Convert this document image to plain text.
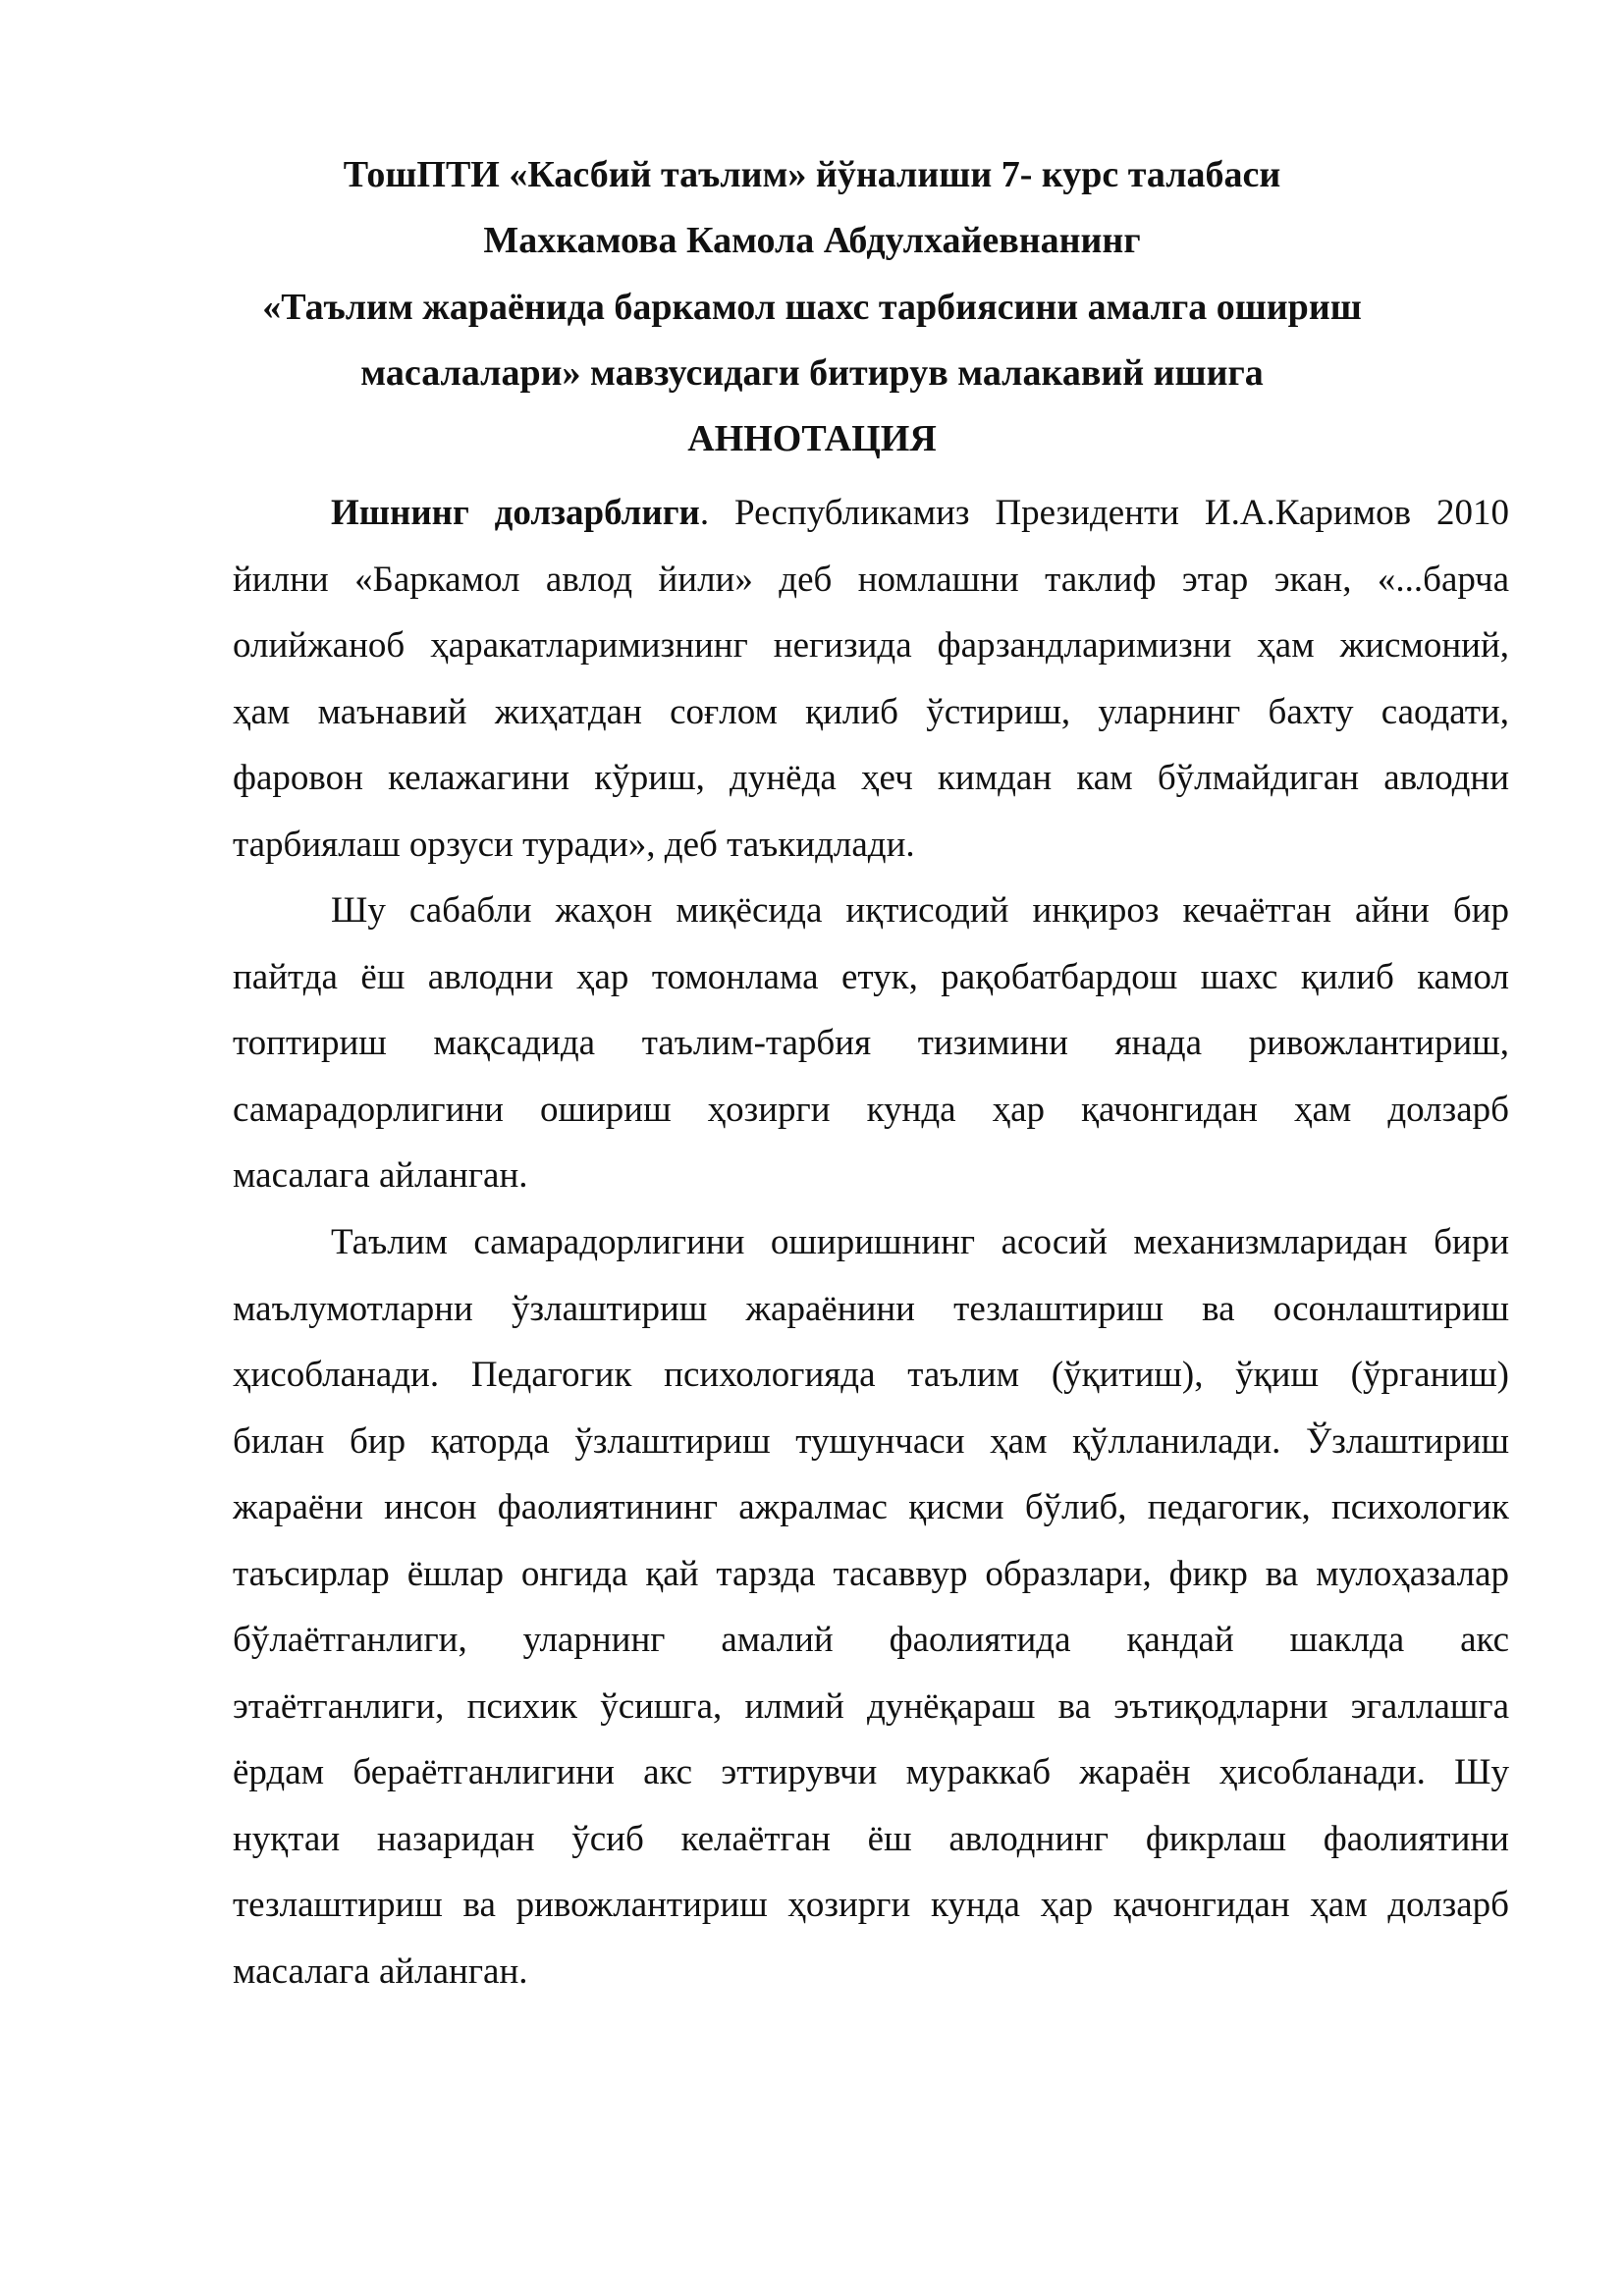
ТошПТИ «Касбий таълим» йўналиши 7- курс талабаси

Махкамова Камола Абдулхайевнанинг

«Таълим жараёнида баркамол шахс тарбиясини амалга ошириш

масалалари» мавзусидаги битирув малакавий ишига

АННОТАЦИЯ

Ишнинг долзарблиги. Республикамиз Президенти И.А.Каримов 2010
йилни «Баркамол авлод йили» деб номлашни таклиф этар экан, «...барча
олийжаноб ҳаракатларимизнинг негизида фарзандларимизни ҳам жисмоний,
ҳам маънавий жиҳатдан соғлом қилиб ўстириш, уларнинг бахту саодати,
фаровон келажагини кўриш, дунёда ҳеч кимдан кам бўлмайдиган авлодни
тарбиялаш орзуси туради», деб таъкидлади.
Шу сабабли жаҳон миқёсида иқтисодий инқироз кечаётган айни бир
пайтда ёш авлодни ҳар томонлама етук, рақобатбардош шахс қилиб камол
топтириш мақсадида таълим-тарбия тизимини янада ривожлантириш,
самарадорлигини ошириш ҳозирги кунда ҳар қачонгидан ҳам долзарб
масалага айланган.
Таълим самарадорлигини оширишнинг асосий механизмларидан бири
маълумотларни ўзлаштириш жараёнини тезлаштириш ва осонлаштириш
ҳисобланади. Педагогик психологияда таълим (ўқитиш), ўқиш (ўрганиш)
билан бир қаторда ўзлаштириш тушунчаси ҳам қўлланилади. Ўзлаштириш
жараёни инсон фаолиятининг ажралмас қисми бўлиб, педагогик, психологик
таъсирлар ёшлар онгида қай тарзда тасаввур образлари, фикр ва мулоҳазалар
бўлаётганлиги, уларнинг амалий фаолиятида қандай шаклда акс
этаётганлиги, психик ўсишга, илмий дунёқараш ва эътиқодларни эгаллашга
ёрдам бераётганлигини акс эттирувчи мураккаб жараён ҳисобланади. Шу
нуқтаи назаридан ўсиб келаётган ёш авлоднинг фикрлаш фаолиятини
тезлаштириш ва ривожлантириш ҳозирги кунда ҳар қачонгидан ҳам долзарб
масалага айланган.
